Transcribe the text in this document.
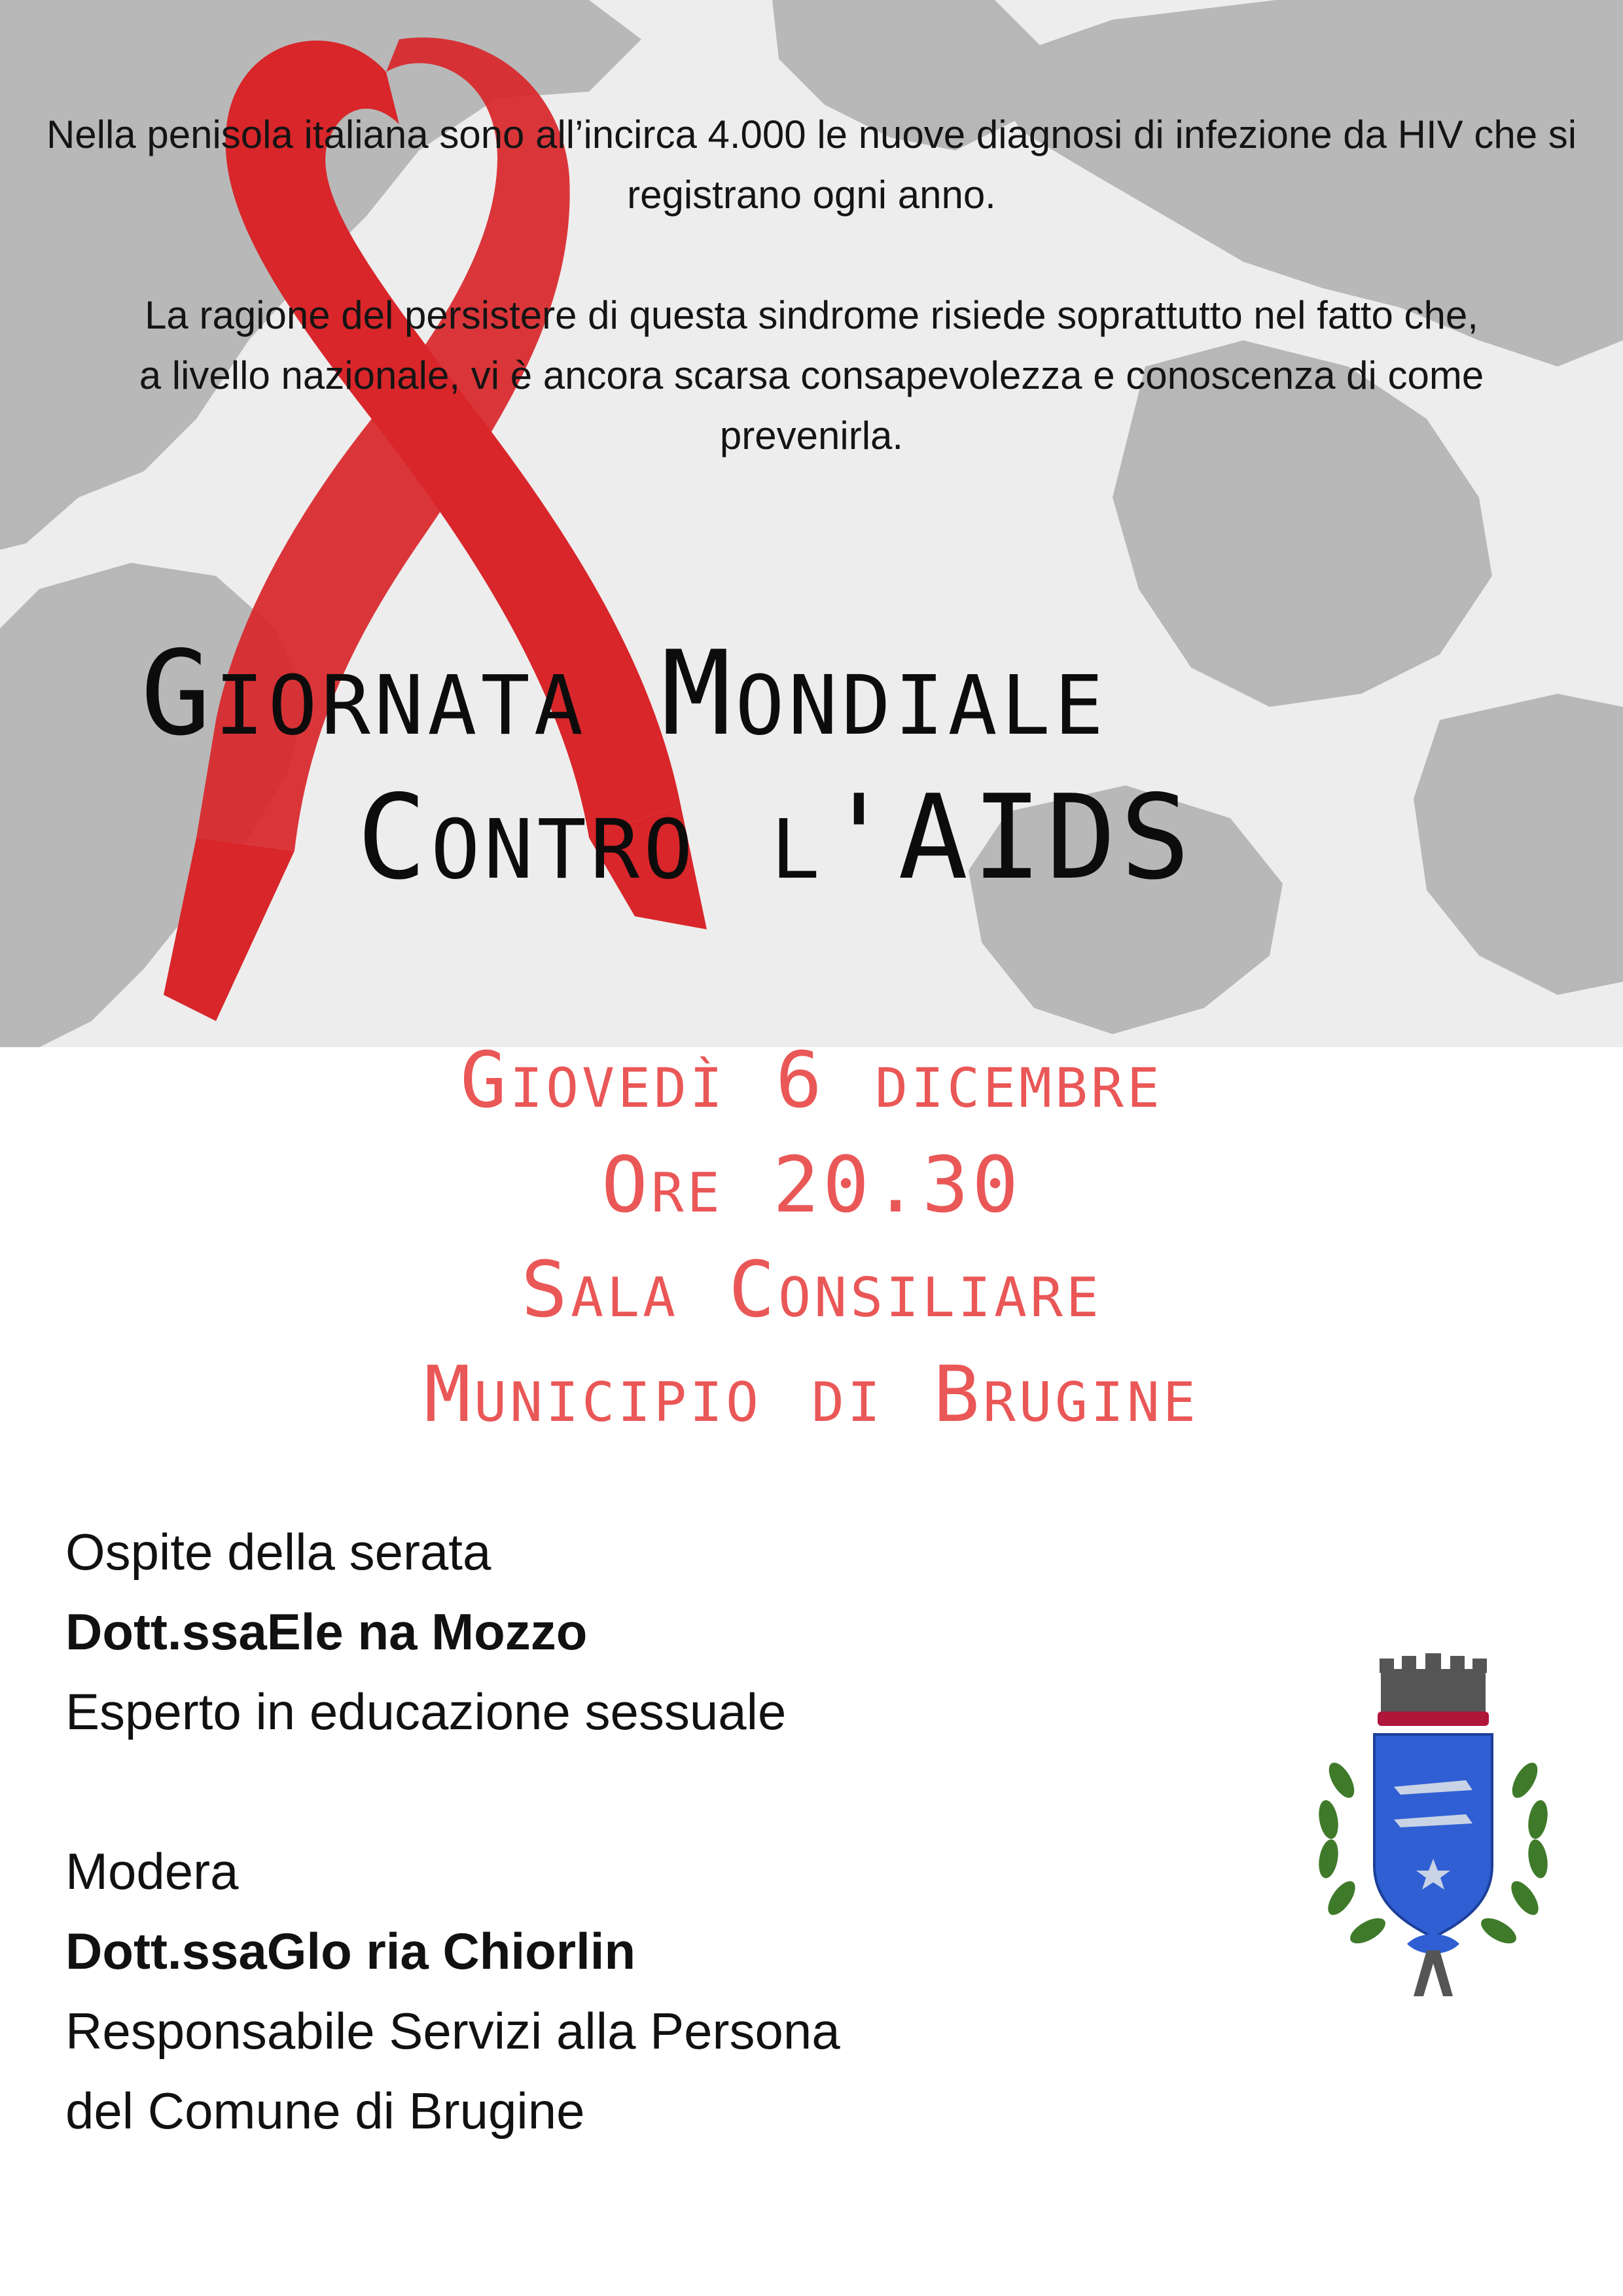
Nella penisola italiana sono all’incirca 4.000 le nuove diagnosi di infezione da HIV che si registrano ogni anno.

La ragione del persistere di questa sindrome risiede soprattutto nel fatto che,
a livello nazionale, vi è ancora scarsa consapevolezza e conoscenza di come
prevenirla.

Giornata Mondiale
Contro l'AIDS
Giovedì 6 dicembre
Ore 20.30
Sala Consiliare
Municipio di Brugine
Ospite della serata
Dott.ssaEle na Mozzo
Esperto in educazione sessuale
Modera
Dott.ssaGlo ria Chiorlin
Responsabile Servizi alla Persona
del Comune di Brugine
